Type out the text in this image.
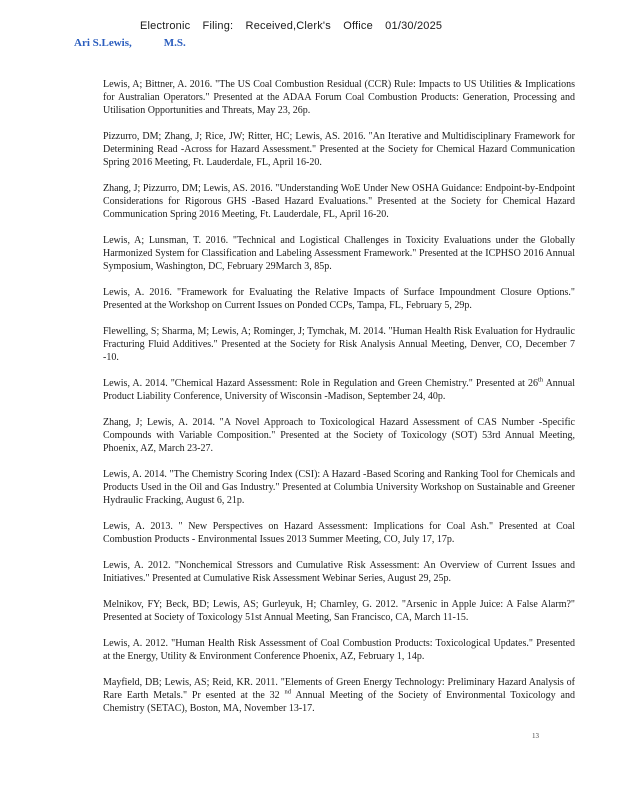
Electronic Filing: Received,Clerk's Office 01/30/2025
Ari S.Lewis,	M.S.

Lewis, A; Bittner, A. 2016. "The US Coal Combustion Residual (CCR) Rule: Impacts to US Utilities & Implications for Australian Operators." Presented at the ADAA Forum Coal Combustion Products: Generation, Processing and Utilisation Opportunities and Threats, May 23, 26p.

Pizzurro, DM; Zhang, J; Rice, JW; Ritter, HC; Lewis, AS. 2016. "An Iterative and Multidisciplinary Framework for Determining Read -Across for Hazard Assessment." Presented at the Society for Chemical Hazard Communication Spring 2016 Meeting, Ft. Lauderdale, FL, April 16-20.

Zhang, J; Pizzurro, DM; Lewis, AS. 2016. "Understanding WoE Under New OSHA Guidance: Endpoint-by-Endpoint Considerations for Rigorous GHS -Based Hazard Evaluations." Presented at the Society for Chemical Hazard Communication Spring 2016 Meeting, Ft. Lauderdale, FL, April 16-20.

Lewis, A; Lunsman, T. 2016. "Technical and Logistical Challenges in Toxicity Evaluations under the Globally Harmonized System for Classification and Labeling Assessment Framework." Presented at the ICPHSO 2016 Annual Symposium, Washington, DC, February 29March 3, 85p.

Lewis, A. 2016. "Framework for Evaluating the Relative Impacts of Surface Impoundment Closure Options." Presented at the Workshop on Current Issues on Ponded CCPs, Tampa, FL, February 5, 29p.

Flewelling, S; Sharma, M; Lewis, A; Rominger, J; Tymchak, M. 2014. "Human Health Risk Evaluation for Hydraulic Fracturing Fluid Additives." Presented at the Society for Risk Analysis Annual Meeting, Denver, CO, December 7 -10.

Lewis, A. 2014. "Chemical Hazard Assessment: Role in Regulation and Green Chemistry." Presented at 26th Annual Product Liability Conference, University of Wisconsin -Madison, September 24, 40p.

Zhang, J; Lewis, A. 2014. "A Novel Approach to Toxicological Hazard Assessment of CAS Number -Specific Compounds with Variable Composition." Presented at the Society of Toxicology (SOT) 53rd Annual Meeting, Phoenix, AZ, March 23-27.

Lewis, A. 2014. "The Chemistry Scoring Index (CSI): A Hazard -Based Scoring and Ranking Tool for Chemicals and Products Used in the Oil and Gas Industry." Presented at Columbia University Workshop on Sustainable and Greener Hydraulic Fracking, August 6, 21p.

Lewis, A. 2013. " New Perspectives on Hazard Assessment: Implications for Coal Ash." Presented at Coal Combustion Products - Environmental Issues 2013 Summer Meeting, CO, July 17, 17p.

Lewis, A. 2012. "Nonchemical Stressors and Cumulative Risk Assessment: An Overview of Current Issues and Initiatives." Presented at Cumulative Risk Assessment Webinar Series, August 29, 25p.

Melnikov, FY; Beck, BD; Lewis, AS; Gurleyuk, H; Charnley, G. 2012. "Arsenic in Apple Juice: A False Alarm?" Presented at Society of Toxicology 51st Annual Meeting, San Francisco, CA, March 11-15.

Lewis, A. 2012. "Human Health Risk Assessment of Coal Combustion Products: Toxicological Updates." Presented at the Energy, Utility & Environment Conference Phoenix, AZ, February 1, 14p.

Mayfield, DB; Lewis, AS; Reid, KR. 2011. "Elements of Green Energy Technology: Preliminary Hazard Analysis of Rare Earth Metals." Pr esented at the 32 $^{nd}$ Annual Meeting of the Society of Environmental Toxicology and Chemistry (SETAC), Boston, MA, November 13-17.

13
